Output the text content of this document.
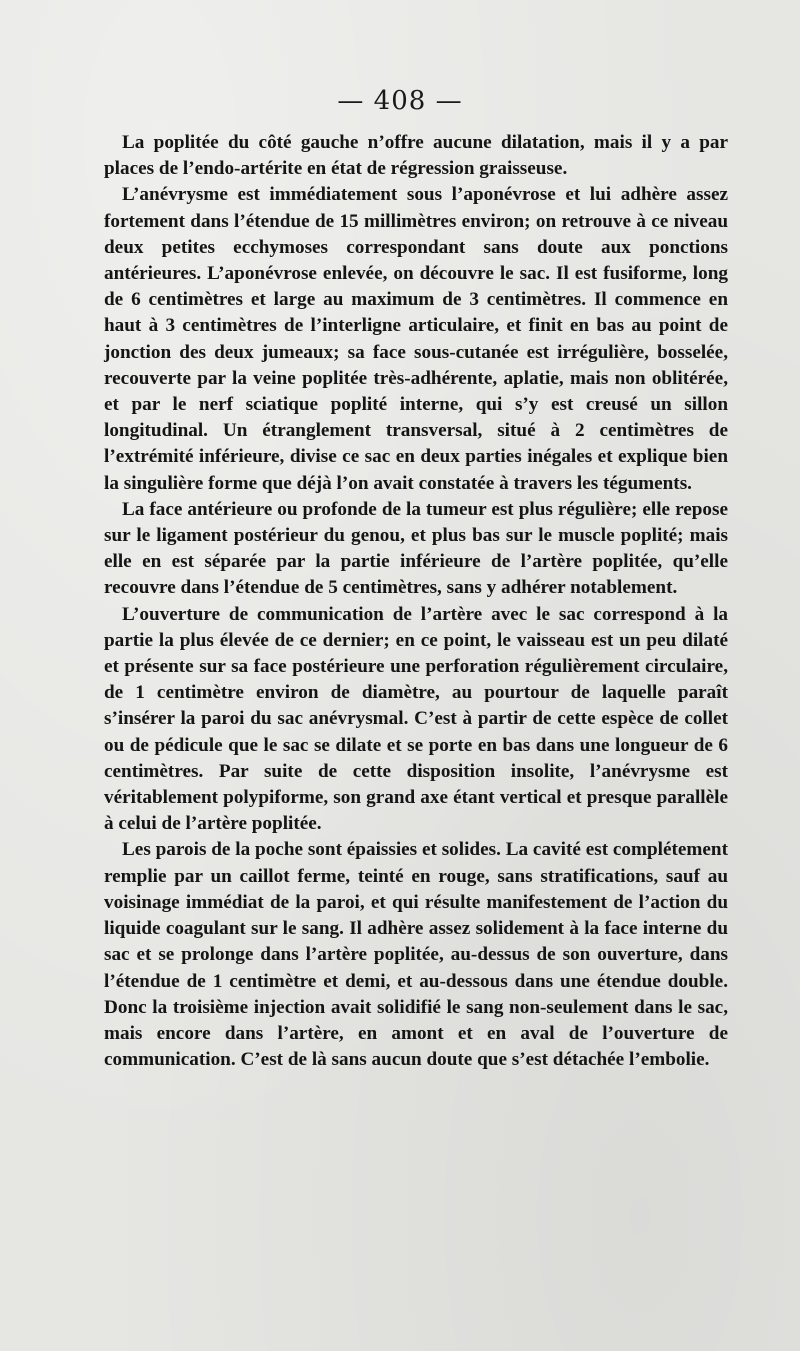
— 408 —

La poplitée du côté gauche n’offre aucune dilatation, mais il y a par places de l’endo-artérite en état de régression graisseuse.

L’anévrysme est immédiatement sous l’aponévrose et lui adhère assez fortement dans l’étendue de 15 millimètres environ; on retrouve à ce niveau deux petites ecchymoses correspondant sans doute aux ponctions antérieures. L’aponévrose enlevée, on découvre le sac. Il est fusiforme, long de 6 centimètres et large au maximum de 3 centimètres. Il commence en haut à 3 centimètres de l’interligne articulaire, et finit en bas au point de jonction des deux jumeaux; sa face sous-cutanée est irrégulière, bosselée, recouverte par la veine poplitée très-adhérente, aplatie, mais non oblitérée, et par le nerf sciatique poplité interne, qui s’y est creusé un sillon longitudinal. Un étranglement transversal, situé à 2 centimètres de l’extrémité inférieure, divise ce sac en deux parties inégales et explique bien la singulière forme que déjà l’on avait constatée à travers les téguments.

La face antérieure ou profonde de la tumeur est plus régulière; elle repose sur le ligament postérieur du genou, et plus bas sur le muscle poplité; mais elle en est séparée par la partie inférieure de l’artère poplitée, qu’elle recouvre dans l’étendue de 5 centimètres, sans y adhérer notablement.

L’ouverture de communication de l’artère avec le sac correspond à la partie la plus élevée de ce dernier; en ce point, le vaisseau est un peu dilaté et présente sur sa face postérieure une perforation régulièrement circulaire, de 1 centimètre environ de diamètre, au pourtour de laquelle paraît s’insérer la paroi du sac anévrysmal. C’est à partir de cette espèce de collet ou de pédicule que le sac se dilate et se porte en bas dans une longueur de 6 centimètres. Par suite de cette disposition insolite, l’anévrysme est véritablement polypiforme, son grand axe étant vertical et presque parallèle à celui de l’artère poplitée.

Les parois de la poche sont épaissies et solides. La cavité est complétement remplie par un caillot ferme, teinté en rouge, sans stratifications, sauf au voisinage immédiat de la paroi, et qui résulte manifestement de l’action du liquide coagulant sur le sang. Il adhère assez solidement à la face interne du sac et se prolonge dans l’artère poplitée, au-dessus de son ouverture, dans l’étendue de 1 centimètre et demi, et au-dessous dans une étendue double. Donc la troisième injection avait solidifié le sang non-seulement dans le sac, mais encore dans l’artère, en amont et en aval de l’ouverture de communication. C’est de là sans aucun doute que s’est détachée l’embolie.
